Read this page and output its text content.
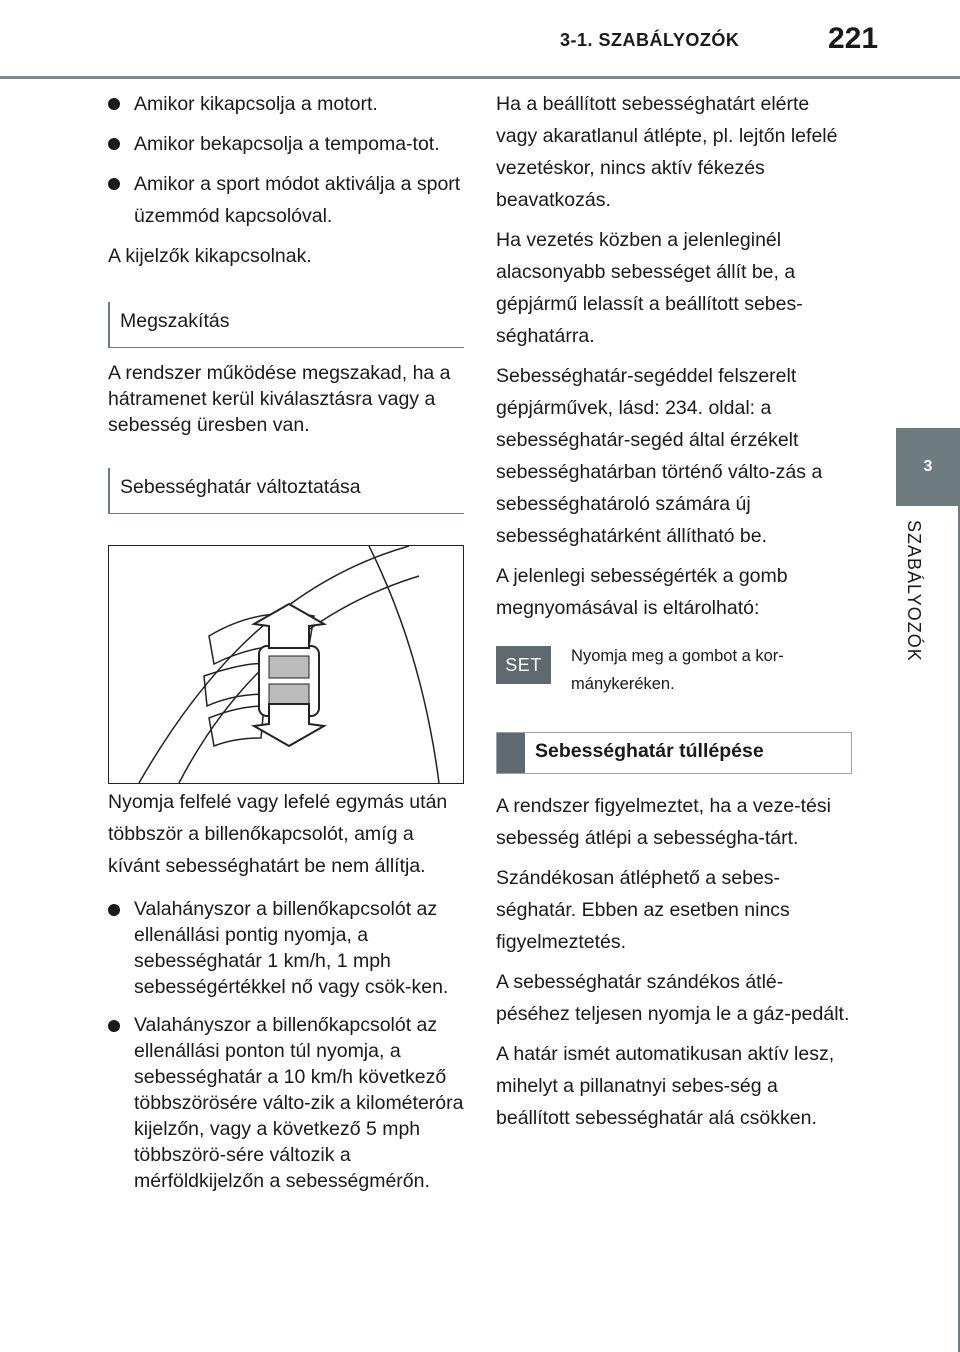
3-1. SZABÁLYOZÓK	221
3
SZABÁLYOZÓK

Amikor kikapcsolja a motort.

Amikor bekapcsolja a tempoma-tot.

Amikor a sport módot aktiválja a sport üzemmód kapcsolóval.

A kijelzők kikapcsolnak.

Megszakítás

A rendszer működése megszakad, ha a hátramenet kerül kiválasztásra vagy a sebesség üresben van.

Sebességhatár változtatása

Nyomja felfelé vagy lefelé egymás után többször a billenőkapcsolót, amíg a kívánt sebességhatárt be nem állítja.

Valahányszor a billenőkapcsolót az ellenállási pontig nyomja, a sebességhatár 1 km/h, 1 mph sebességértékkel nő vagy csök-ken.

Valahányszor a billenőkapcsolót az ellenállási ponton túl nyomja, a sebességhatár a 10 km/h következő többszörösére válto-zik a kilométeróra kijelzőn, vagy a következő 5 mph többszörö-sére változik a mérföldkijelzőn a sebességmérőn.

Ha a beállított sebességhatárt elérte vagy akaratlanul átlépte, pl. lejtőn lefelé vezetéskor, nincs aktív fékezés beavatkozás.

Ha vezetés közben a jelenleginél alacsonyabb sebességet állít be, a gépjármű lelassít a beállított sebes-séghatárra.

Sebességhatár-segéddel felszerelt gépjárművek, lásd: 234. oldal: a sebességhatár-segéd által érzékelt sebességhatárban történő válto-zás a sebességhatároló számára új sebességhatárként állítható be.

A jelenlegi sebességérték a gomb megnyomásával is eltárolható:

SET	Nyomja meg a gombot a kor-mánykeréken.
Sebességhatár túllépése

A rendszer figyelmeztet, ha a veze-tési sebesség átlépi a sebességha-tárt.

Szándékosan átléphető a sebes-séghatár. Ebben az esetben nincs figyelmeztetés.

A sebességhatár szándékos átlé-péséhez teljesen nyomja le a gáz-pedált.

A határ ismét automatikusan aktív lesz, mihelyt a pillanatnyi sebes-ség a beállított sebességhatár alá csökken.
